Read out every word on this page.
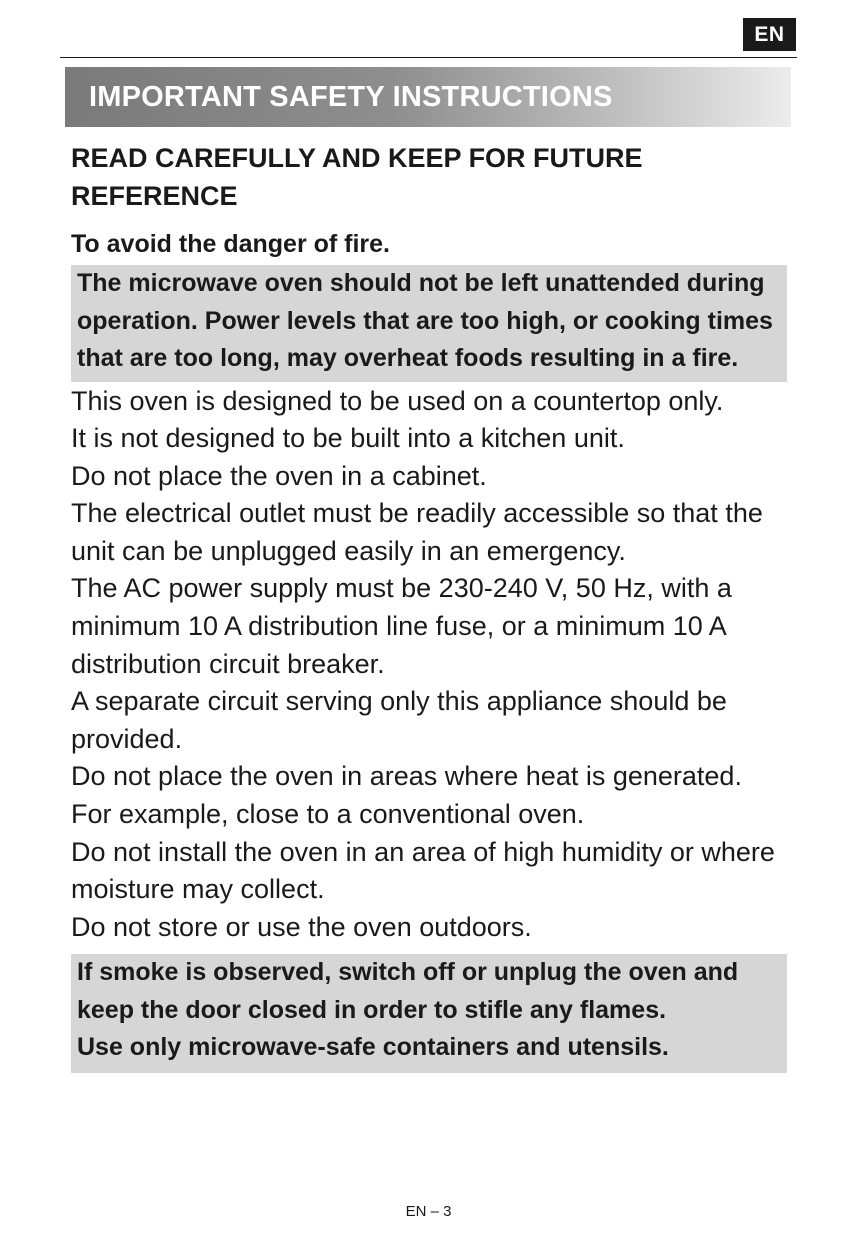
EN
IMPORTANT SAFETY INSTRUCTIONS

READ CAREFULLY AND KEEP FOR FUTURE REFERENCE

To avoid the danger of fire.

The microwave oven should not be left unattended during operation. Power levels that are too high, or cooking times that are too long, may overheat foods resulting in a fire.

This oven is designed to be used on a countertop only.

It is not designed to be built into a kitchen unit.

Do not place the oven in a cabinet.

The electrical outlet must be readily accessible so that the unit can be unplugged easily in an emergency.

The AC power supply must be 230-240 V, 50 Hz, with a minimum 10 A distribution line fuse, or a minimum 10 A distribution circuit breaker.

A separate circuit serving only this appliance should be provided.

Do not place the oven in areas where heat is generated.

For example, close to a conventional oven.

Do not install the oven in an area of high humidity or where moisture may collect.

Do not store or use the oven outdoors.

If smoke is observed, switch off or unplug the oven and keep the door closed in order to stifle any flames.

Use only microwave-safe containers and utensils.

EN – 3
